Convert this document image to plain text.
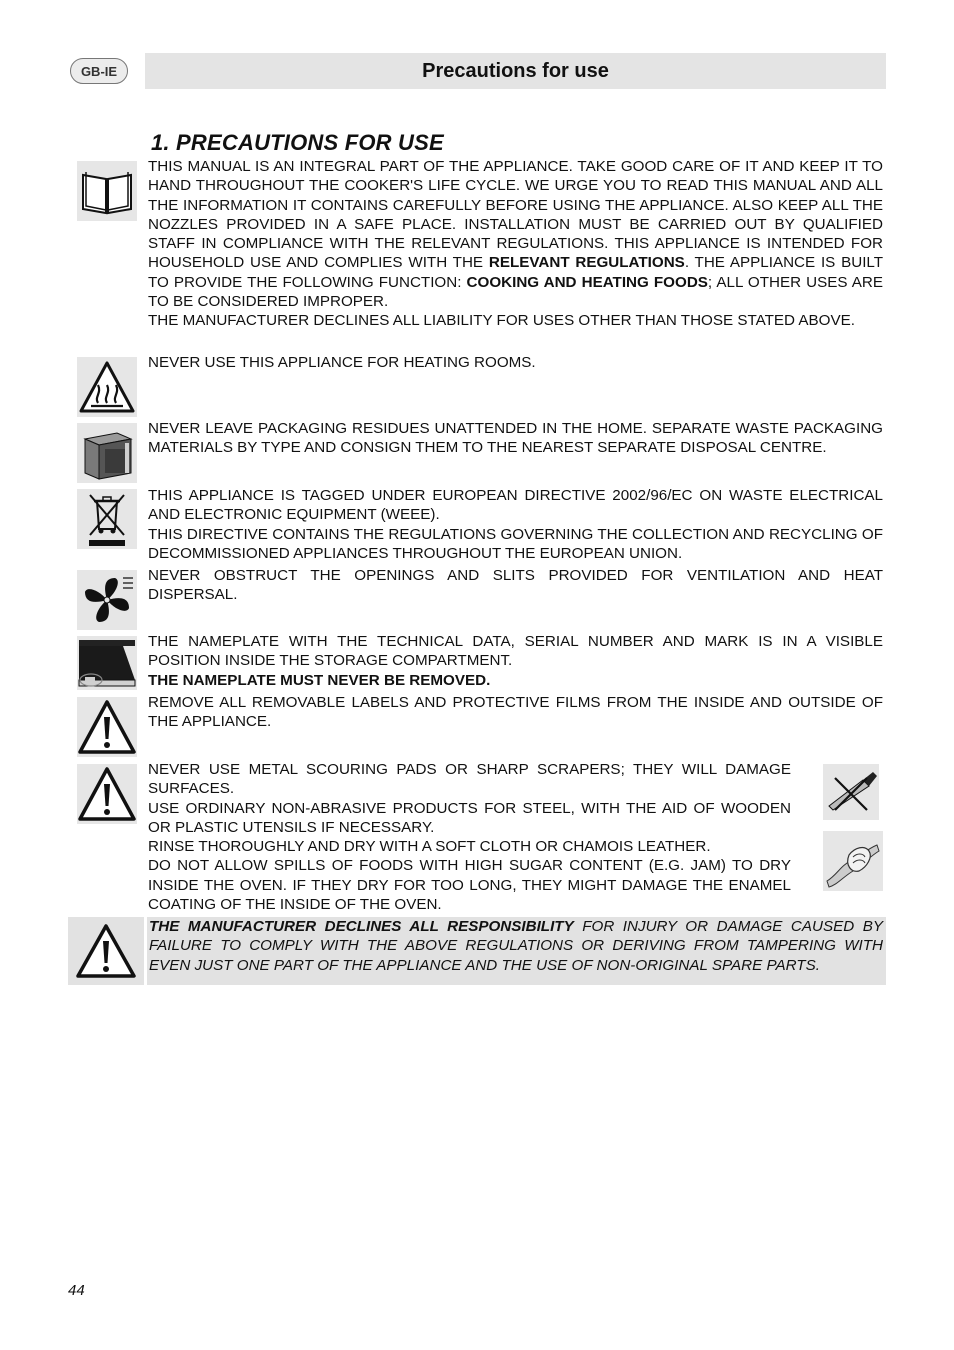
GB-IE	Precautions for use
1. PRECAUTIONS FOR USE

THIS MANUAL IS AN INTEGRAL PART OF THE APPLIANCE. TAKE GOOD CARE OF IT AND KEEP IT TO HAND THROUGHOUT THE COOKER'S LIFE CYCLE. WE URGE YOU TO READ THIS MANUAL AND ALL THE INFORMATION IT CONTAINS CAREFULLY BEFORE USING THE APPLIANCE. ALSO KEEP ALL THE NOZZLES PROVIDED IN A SAFE PLACE. INSTALLATION MUST BE CARRIED OUT BY QUALIFIED STAFF IN COMPLIANCE WITH THE RELEVANT REGULATIONS. THIS APPLIANCE IS INTENDED FOR HOUSEHOLD USE AND COMPLIES WITH THE RELEVANT REGULATIONS. THE APPLIANCE IS BUILT TO PROVIDE THE FOLLOWING FUNCTION: COOKING AND HEATING FOODS; ALL OTHER USES ARE TO BE CONSIDERED IMPROPER.

THE MANUFACTURER DECLINES ALL LIABILITY FOR USES OTHER THAN THOSE STATED ABOVE.

NEVER USE THIS APPLIANCE FOR HEATING ROOMS.

NEVER LEAVE PACKAGING RESIDUES UNATTENDED IN THE HOME. SEPARATE WASTE PACKAGING MATERIALS BY TYPE AND CONSIGN THEM TO THE NEAREST SEPARATE DISPOSAL CENTRE.

THIS APPLIANCE IS TAGGED UNDER EUROPEAN DIRECTIVE 2002/96/EC ON WASTE ELECTRICAL AND ELECTRONIC EQUIPMENT (WEEE).

THIS DIRECTIVE CONTAINS THE REGULATIONS GOVERNING THE COLLECTION AND RECYCLING OF DECOMMISSIONED APPLIANCES THROUGHOUT THE EUROPEAN UNION.

NEVER OBSTRUCT THE OPENINGS AND SLITS PROVIDED FOR VENTILATION AND HEAT DISPERSAL.

THE NAMEPLATE WITH THE TECHNICAL DATA, SERIAL NUMBER AND MARK IS IN A VISIBLE POSITION INSIDE THE STORAGE COMPARTMENT.

THE NAMEPLATE MUST NEVER BE REMOVED.

REMOVE ALL REMOVABLE LABELS AND PROTECTIVE FILMS FROM THE INSIDE AND OUTSIDE OF THE APPLIANCE.

NEVER USE METAL SCOURING PADS OR SHARP SCRAPERS; THEY WILL DAMAGE SURFACES.

USE ORDINARY NON-ABRASIVE PRODUCTS FOR STEEL, WITH THE AID OF WOODEN OR PLASTIC UTENSILS IF NECESSARY.

RINSE THOROUGHLY AND DRY WITH A SOFT CLOTH OR CHAMOIS LEATHER.

DO NOT ALLOW SPILLS OF FOODS WITH HIGH SUGAR CONTENT (E.G. JAM) TO DRY INSIDE THE OVEN. IF THEY DRY FOR TOO LONG, THEY MIGHT DAMAGE THE ENAMEL COATING OF THE INSIDE OF THE OVEN.

THE MANUFACTURER DECLINES ALL RESPONSIBILITY FOR INJURY OR DAMAGE CAUSED BY FAILURE TO COMPLY WITH THE ABOVE REGULATIONS OR DERIVING FROM TAMPERING WITH EVEN JUST ONE PART OF THE APPLIANCE AND THE USE OF NON-ORIGINAL SPARE PARTS.

44
